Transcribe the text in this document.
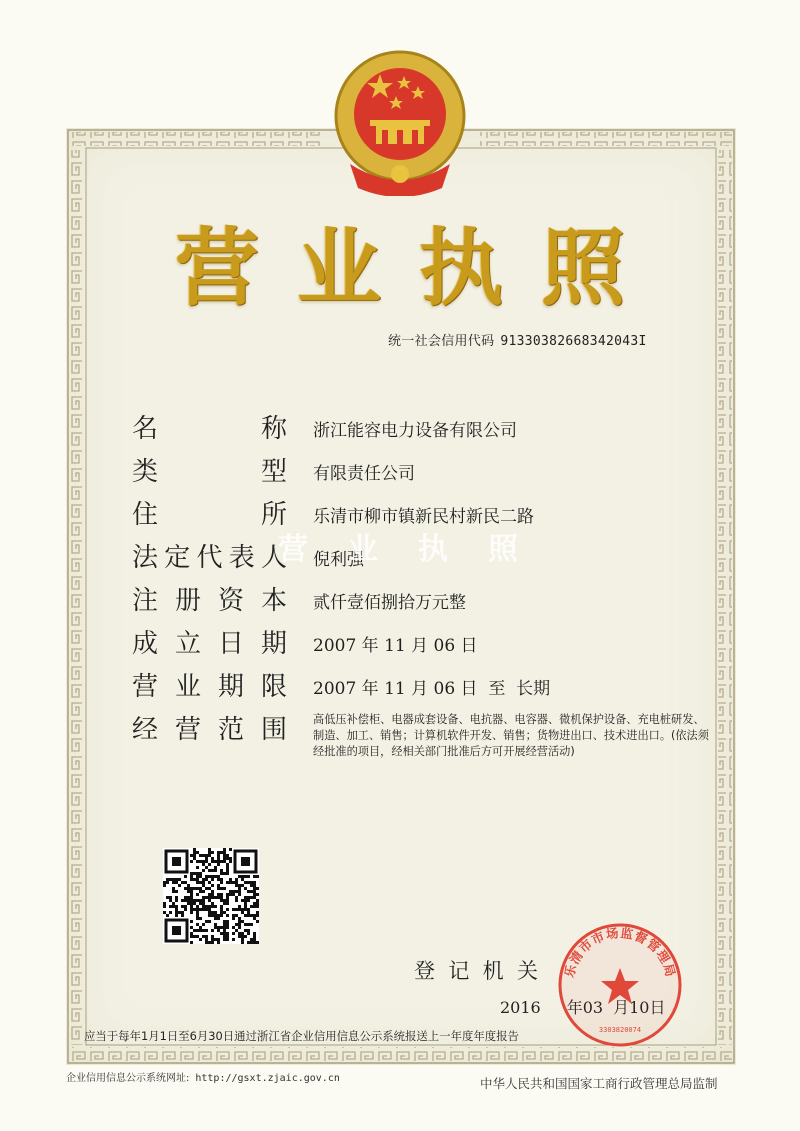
营 业 执 照
统一社会信用代码 91330382668342043I
名	称 浙江能容电力设备有限公司
类	型 有限责任公司
住	所 乐清市柳市镇新民村新民二路
法 定 代 表 人 倪利强
注 册 资 本 贰仟壹佰捌拾万元整
成 立 日 期 2007 年 11 月 06 日
营 业 期 限 2007 年 11 月 06 日  至  长期
经 营 范 围 高低压补偿柜、电器成套设备、电抗器、电容器、微机保护设备、充电桩研发、制造、加工、销售；计算机软件开发、销售；货物进出口、技术进出口。(依法须经批准的项目，经相关部门批准后方可开展经营活动)
营 业 执 照
登 记 机 关
2016
乐清市市场监督管理局
3303820074
应当于每年1月1日至6月30日通过浙江省企业信用信息公示系统报送上一年度年度报告
企业信用信息公示系统网址: http://gsxt.zjaic.gov.cn	中华人民共和国国家工商行政管理总局监制
